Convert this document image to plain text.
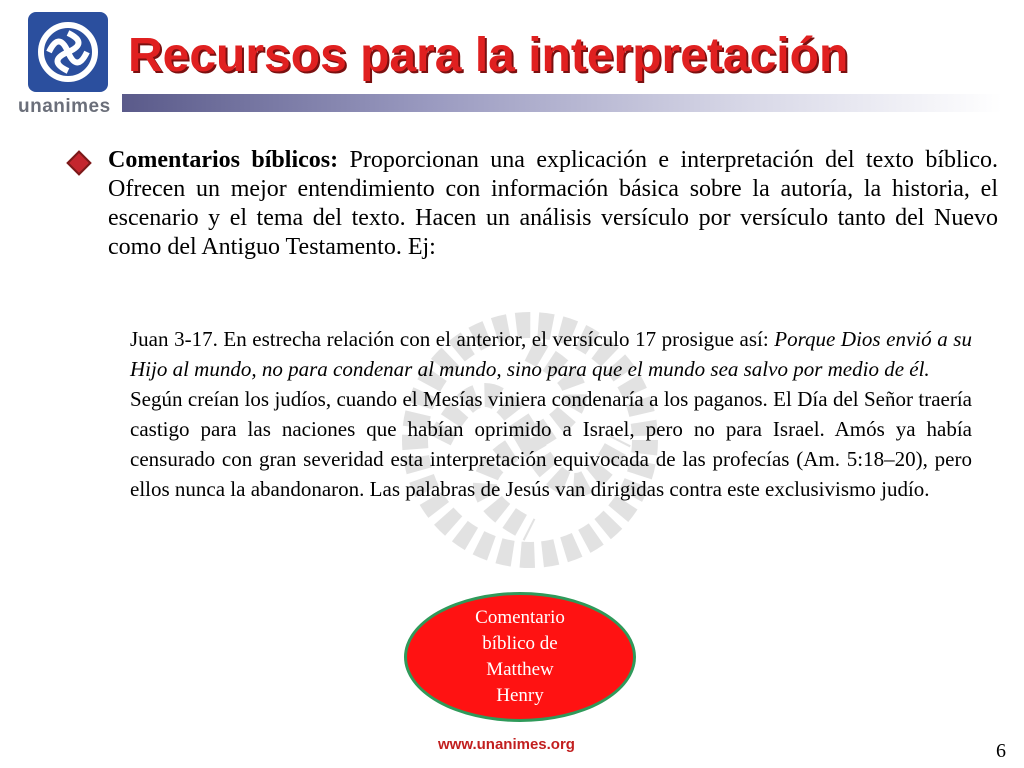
unanimes
Recursos para la interpretación
Comentarios bíblicos: Proporcionan una explicación e interpretación del texto bíblico. Ofrecen un mejor entendimiento con información básica sobre la autoría, la historia, el escenario y el tema del texto. Hacen un análisis versículo por versículo tanto del Nuevo como del Antiguo Testamento. Ej:

Juan 3-17. En estrecha relación con el anterior, el versículo 17 prosigue así: Porque Dios envió a su Hijo al mundo, no para condenar al mundo, sino para que el mundo sea salvo por medio de él.

Según creían los judíos, cuando el Mesías viniera condenaría a los paganos. El Día del Señor traería castigo para las naciones que habían oprimido a Israel, pero no para Israel. Amós ya había censurado con gran severidad esta interpretación equivocada de las profecías (Am. 5:18–20), pero ellos nunca la abandonaron. Las palabras de Jesús van dirigidas contra este exclusivismo judío.

Comentario
bíblico de
Matthew
Henry
www.unanimes.org	6
